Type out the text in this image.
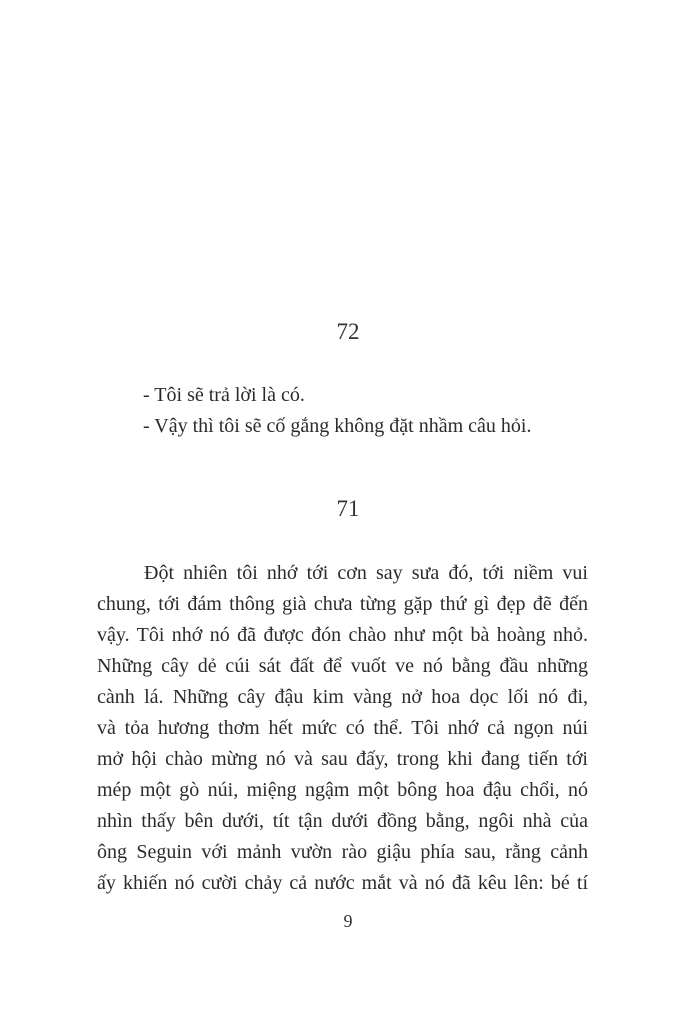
72
- Tôi sẽ trả lời là có.
- Vậy thì tôi sẽ cố gắng không đặt nhầm câu hỏi.
71
Đột nhiên tôi nhớ tới cơn say sưa đó, tới niềm vui
chung, tới đám thông già chưa từng gặp thứ gì đẹp đẽ đến
vậy. Tôi nhớ nó đã được đón chào như một bà hoàng nhỏ.
Những cây dẻ cúi sát đất để vuốt ve nó bằng đầu những
cành lá. Những cây đậu kim vàng nở hoa dọc lối nó đi,
và tỏa hương thơm hết mức có thể. Tôi nhớ cả ngọn núi
mở hội chào mừng nó và sau đấy, trong khi đang tiến tới
mép một gò núi, miệng ngậm một bông hoa đậu chổi, nó
nhìn thấy bên dưới, tít tận dưới đồng bằng, ngôi nhà của
ông Seguin với mảnh vườn rào giậu phía sau, rằng cảnh
ấy khiến nó cười chảy cả nước mắt và nó đã kêu lên: bé tí
9
